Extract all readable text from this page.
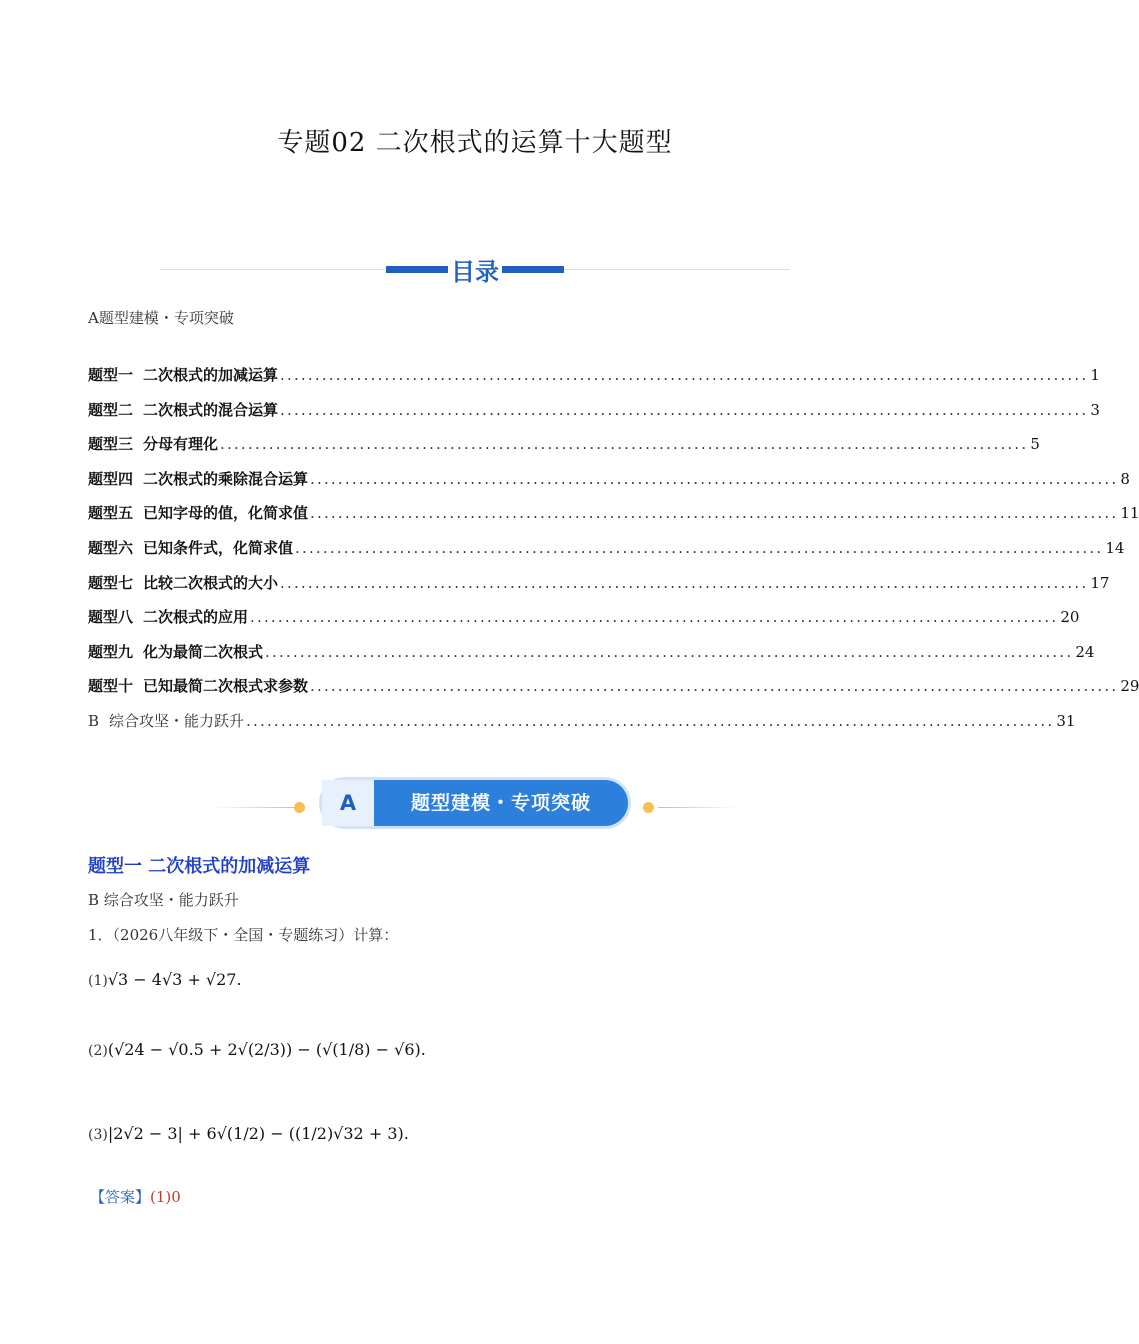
专题02 二次根式的运算十大题型
目录
A题型建模・专项突破
题型一 二次根式的加减运算 .................................................................................................................... 1
题型二 二次根式的混合运算 .................................................................................................................... 3
题型三 分母有理化 .................................................................................................................... 5
题型四 二次根式的乘除混合运算 .................................................................................................................... 8
题型五 已知字母的值，化简求值 .................................................................................................................... 11
题型六 已知条件式，化简求值 .................................................................................................................... 14
题型七 比较二次根式的大小 .................................................................................................................... 17
题型八 二次根式的应用 .................................................................................................................... 20
题型九 化为最简二次根式 .................................................................................................................... 24
题型十 已知最简二次根式求参数 .................................................................................................................... 29
B 综合攻坚・能力跃升 .................................................................................................................... 31
A	题型建模・专项突破
题型一 二次根式的加减运算
B 综合攻坚・能力跃升
1．（2026八年级下・全国・专题练习）计算：
(1)√3 − 4√3 + √27.
(2)(√24 − √0.5 + 2√(2/3)) − (√(1/8) − √6).
(3)|2√2 − 3| + 6√(1/2) − ((1/2)√32 + 3).
【答案】(1)0
